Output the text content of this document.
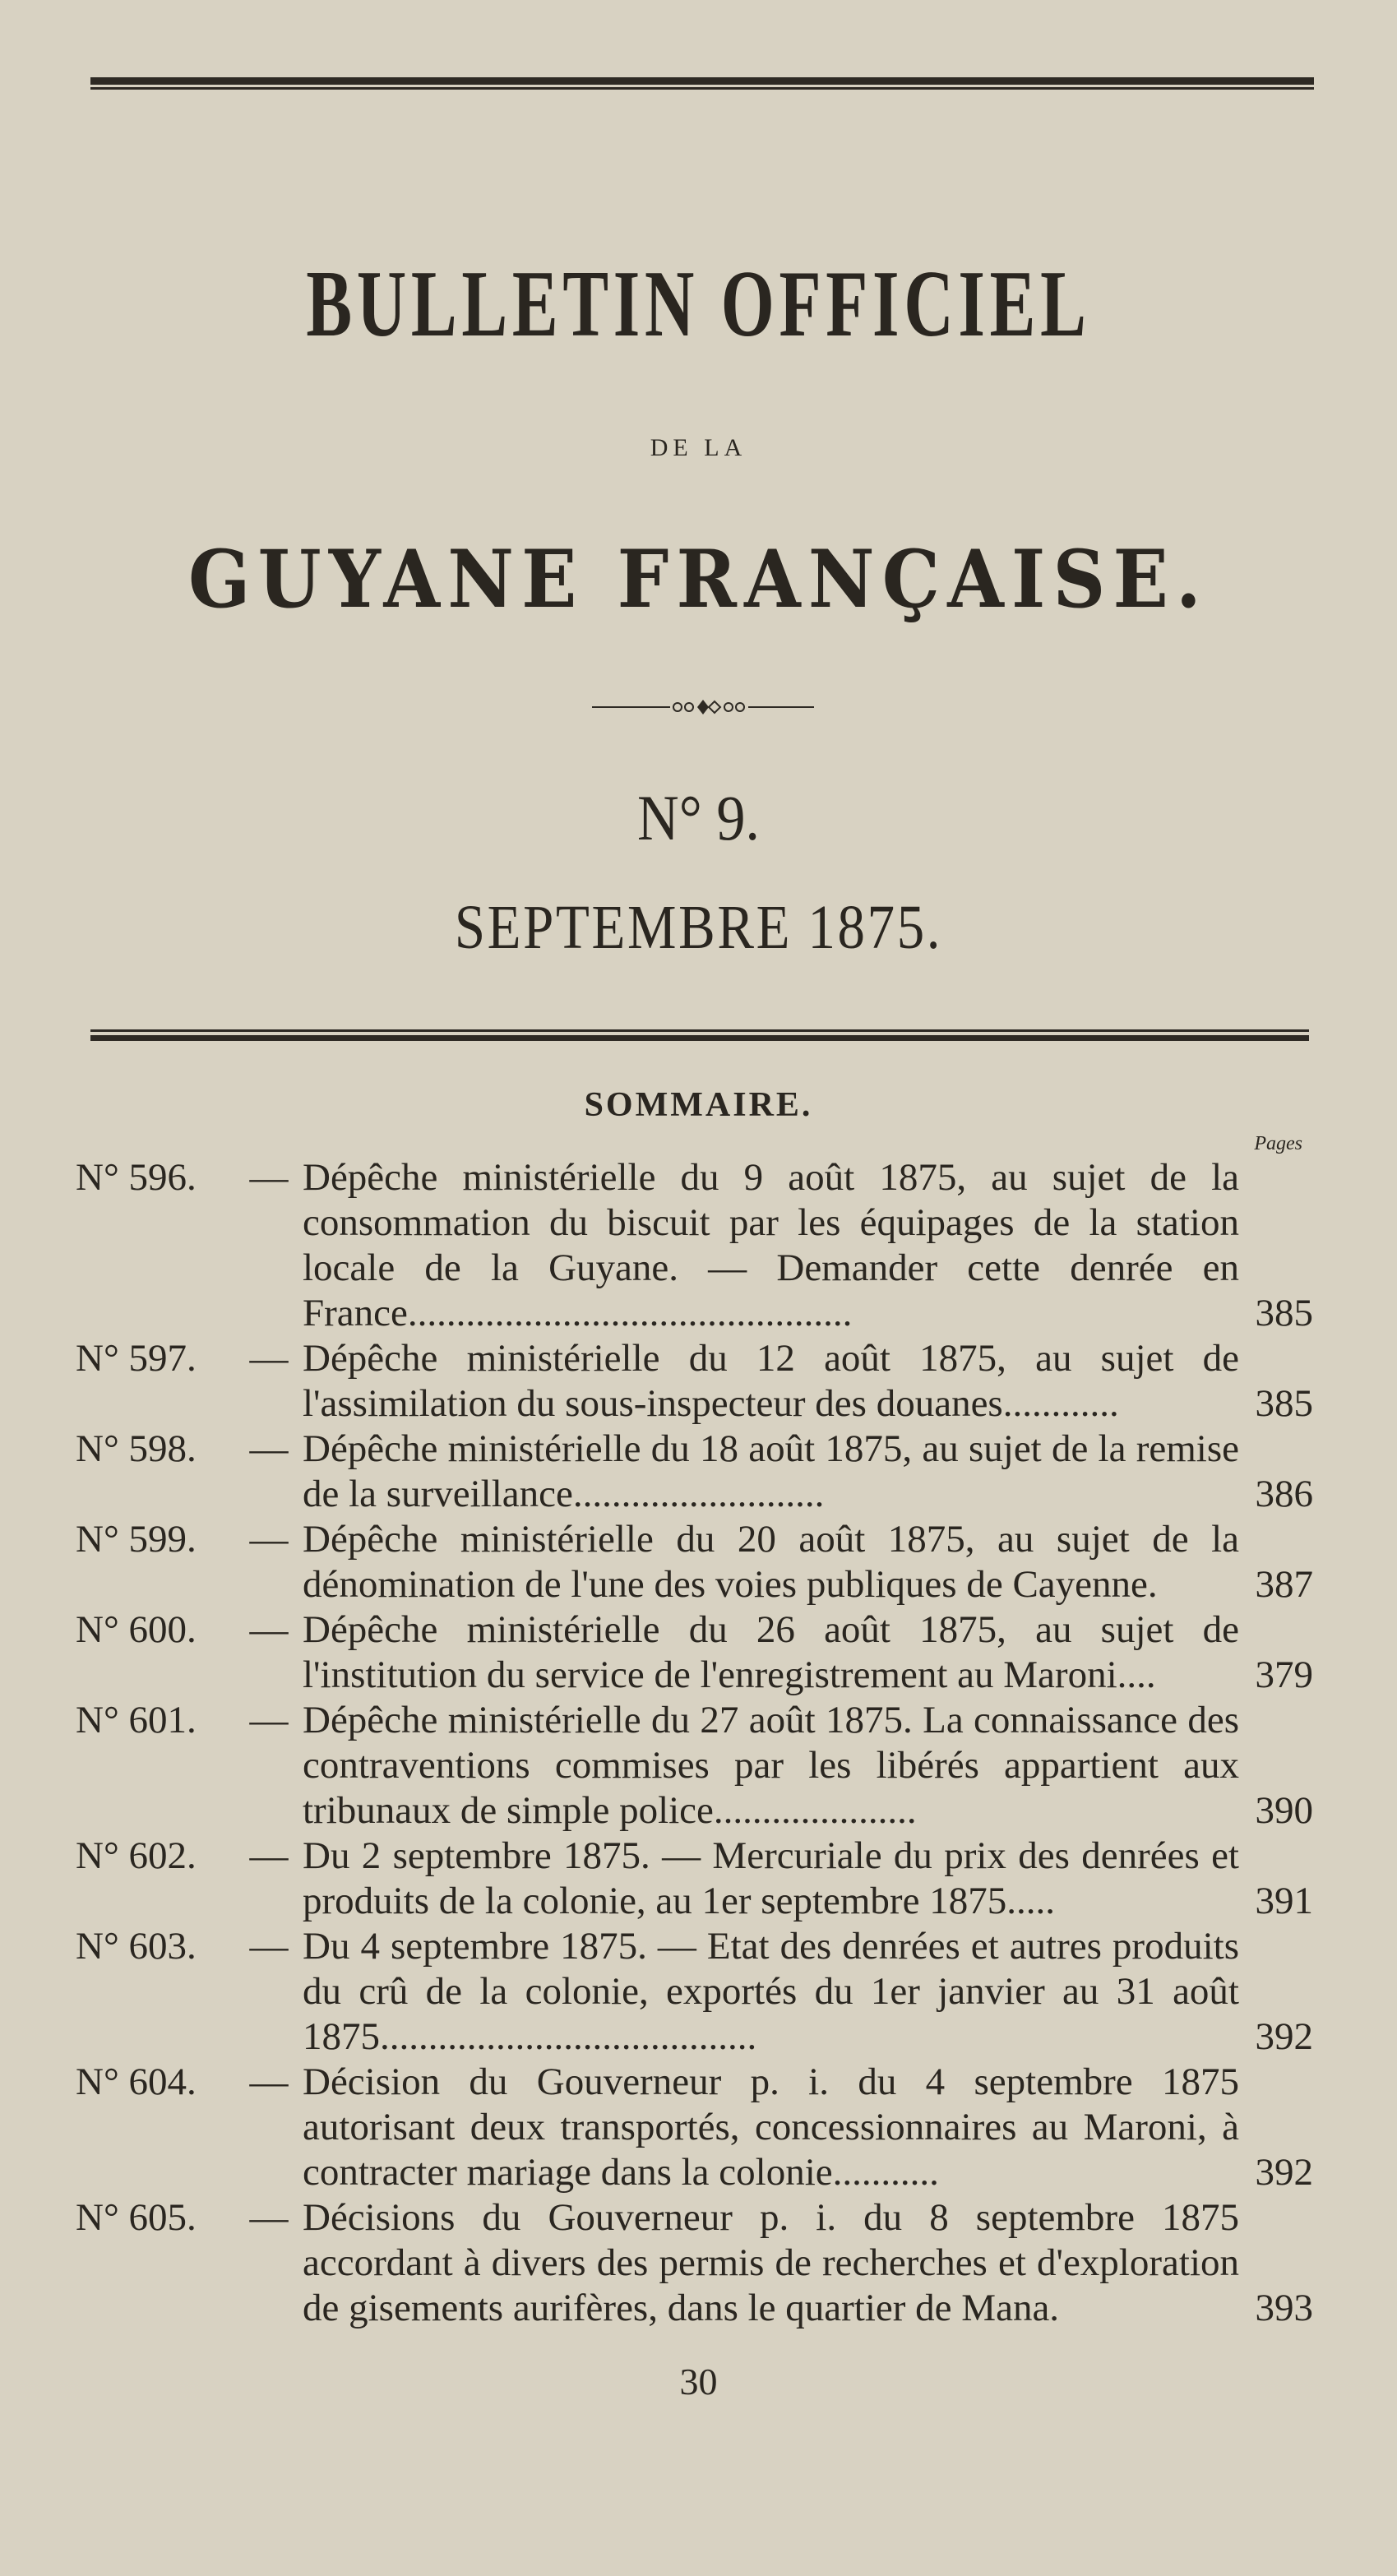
BULLETIN OFFICIEL
DE LA
GUYANE FRANÇAISE.
N° 9.
SEPTEMBRE 1875.
SOMMAIRE.
Pages
N° 596.	— Dépêche ministérielle du 9 août 1875, au sujet de la consommation du biscuit par les équipages de la station locale de la Guyane. — Demander cette denrée en France..............................................	385
N° 597.	— Dépêche ministérielle du 12 août 1875, au sujet de l'assimilation du sous-inspecteur des douanes............	385
N° 598.	— Dépêche ministérielle du 18 août 1875, au sujet de la remise de la surveillance..........................	386
N° 599.	— Dépêche ministérielle du 20 août 1875, au sujet de la dénomination de l'une des voies publiques de Cayenne.	387
N° 600.	— Dépêche ministérielle du 26 août 1875, au sujet de l'institution du service de l'enregistrement au Maroni....	379
N° 601.	— Dépêche ministérielle du 27 août 1875. La connaissance des contraventions commises par les libérés appartient aux tribunaux de simple police.....................	390
N° 602.	— Du 2 septembre 1875. — Mercuriale du prix des denrées et produits de la colonie, au 1er septembre 1875.....	391
N° 603.	— Du 4 septembre 1875. — Etat des denrées et autres produits du crû de la colonie, exportés du 1er janvier au 31 août 1875.......................................	392
N° 604.	— Décision du Gouverneur p. i. du 4 septembre 1875 autorisant deux transportés, concessionnaires au Maroni, à contracter mariage dans la colonie...........	392
N° 605.	— Décisions du Gouverneur p. i. du 8 septembre 1875 accordant à divers des permis de recherches et d'exploration de gisements aurifères, dans le quartier de Mana.	393
30
